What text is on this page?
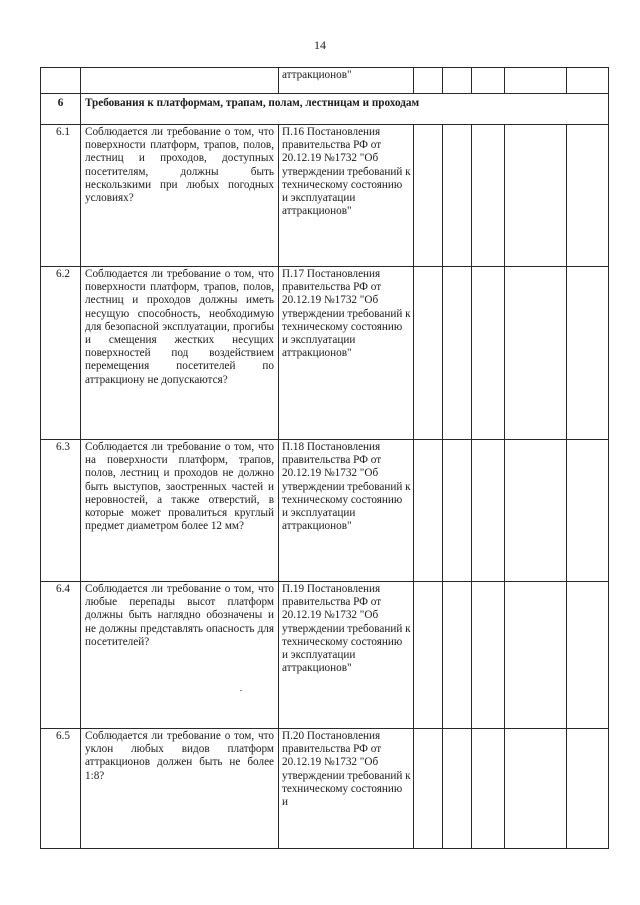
14
		аттракционов"					
6	Требования к платформам, трапам, полам, лестницам и проходам						
6.1	Соблюдается ли требование о том, что поверхности платформ, трапов, полов, лестниц и проходов, доступных посетителям, должны быть нескользкими при любых погодных условиях?	П.16 Постановления правительства РФ от 20.12.19 №1732 "Об утверждении требований к техническому состоянию и эксплуатации аттракционов"					
6.2	Соблюдается ли требование о том, что поверхности платформ, трапов, полов, лестниц и проходов должны иметь несущую способность, необходимую для безопасной эксплуатации, прогибы и смещения жестких несущих поверхностей под воздействием перемещения посетителей по аттракциону не допускаются?	П.17 Постановления правительства РФ от 20.12.19 №1732 "Об утверждении требований к техническому состоянию и эксплуатации аттракционов"					
6.3	Соблюдается ли требование о том, что на поверхности платформ, трапов, полов, лестниц и проходов не должно быть выступов, заостренных частей и неровностей, а также отверстий, в которые может провалиться круглый предмет диаметром более 12 мм?	П.18 Постановления правительства РФ от 20.12.19 №1732 "Об утверждении требований к техническому состоянию и эксплуатации аттракционов"					
6.4	Соблюдается ли требование о том, что любые перепады высот платформ должны быть наглядно обозначены и не должны представлять опасность для посетителей?	П.19 Постановления правительства РФ от 20.12.19 №1732 "Об утверждении требований к техническому состоянию и эксплуатации аттракционов"					
6.5	Соблюдается ли требование о том, что уклон любых видов платформ аттракционов должен быть не более 1:8?	П.20 Постановления правительства РФ от 20.12.19 №1732 "Об утверждении требований к техническому состоянию и					
